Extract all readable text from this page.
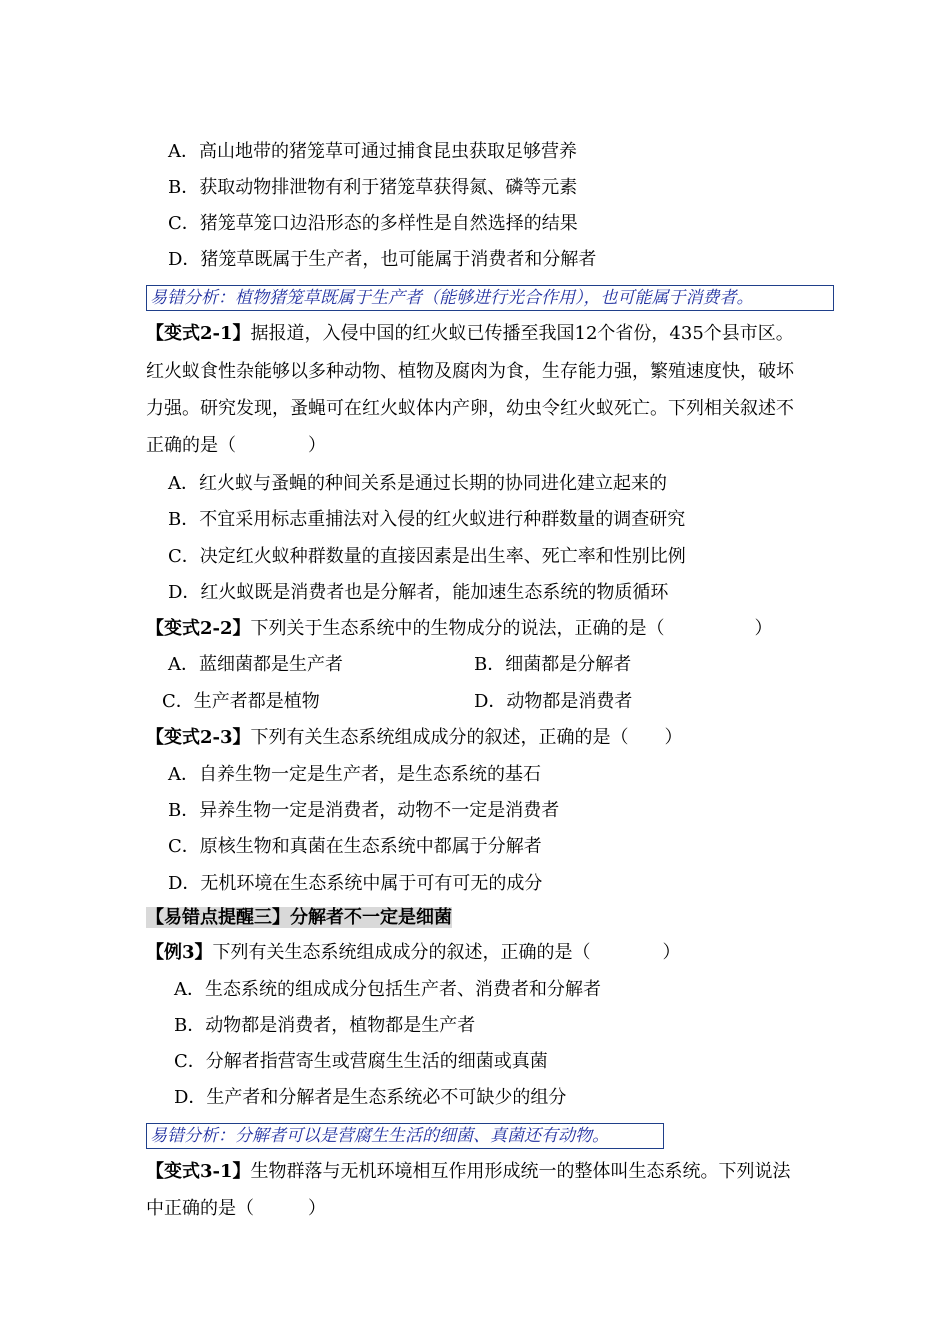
A．高山地带的猪笼草可通过捕食昆虫获取足够营养
B．获取动物排泄物有利于猪笼草获得氮、磷等元素
C．猪笼草笼口边沿形态的多样性是自然选择的结果
D．猪笼草既属于生产者，也可能属于消费者和分解者
易错分析：植物猪笼草既属于生产者（能够进行光合作用），也可能属于消费者。
【变式2-1】据报道，入侵中国的红火蚁已传播至我国12个省份，435个县市区。
红火蚁食性杂能够以多种动物、植物及腐肉为食，生存能力强，繁殖速度快，破坏
力强。研究发现，蚤蝇可在红火蚁体内产卵，幼虫令红火蚁死亡。下列相关叙述不
正确的是（　　　　）
A．红火蚁与蚤蝇的种间关系是通过长期的协同进化建立起来的
B．不宜采用标志重捕法对入侵的红火蚁进行种群数量的调查研究
C．决定红火蚁种群数量的直接因素是出生率、死亡率和性别比例
D．红火蚁既是消费者也是分解者，能加速生态系统的物质循环
【变式2-2】下列关于生态系统中的生物成分的说法，正确的是（　　　　　）
A．蓝细菌都是生产者	B．细菌都是分解者
C．生产者都是植物	D．动物都是消费者
【变式2-3】下列有关生态系统组成成分的叙述，正确的是（　　）
A．自养生物一定是生产者，是生态系统的基石
B．异养生物一定是消费者，动物不一定是消费者
C．原核生物和真菌在生态系统中都属于分解者
D．无机环境在生态系统中属于可有可无的成分
【易错点提醒三】分解者不一定是细菌
【例3】下列有关生态系统组成成分的叙述，正确的是（　　　　）
A．生态系统的组成成分包括生产者、消费者和分解者
B．动物都是消费者，植物都是生产者
C．分解者指营寄生或营腐生生活的细菌或真菌
D．生产者和分解者是生态系统必不可缺少的组分
易错分析：分解者可以是营腐生生活的细菌、真菌还有动物。
【变式3-1】生物群落与无机环境相互作用形成统一的整体叫生态系统。下列说法
中正确的是（　　　）
